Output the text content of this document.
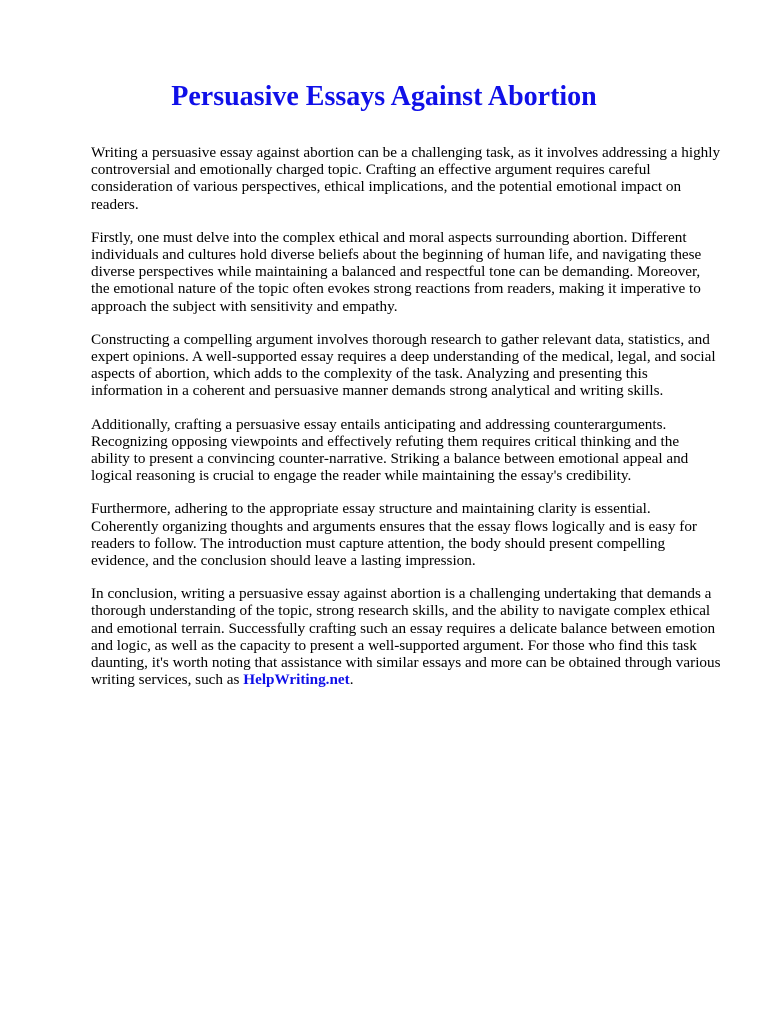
Persuasive Essays Against Abortion

Writing a persuasive essay against abortion can be a challenging task, as it involves addressing a highly controversial and emotionally charged topic. Crafting an effective argument requires careful consideration of various perspectives, ethical implications, and the potential emotional impact on readers.

Firstly, one must delve into the complex ethical and moral aspects surrounding abortion. Different individuals and cultures hold diverse beliefs about the beginning of human life, and navigating these diverse perspectives while maintaining a balanced and respectful tone can be demanding. Moreover, the emotional nature of the topic often evokes strong reactions from readers, making it imperative to approach the subject with sensitivity and empathy.

Constructing a compelling argument involves thorough research to gather relevant data, statistics, and expert opinions. A well-supported essay requires a deep understanding of the medical, legal, and social aspects of abortion, which adds to the complexity of the task. Analyzing and presenting this information in a coherent and persuasive manner demands strong analytical and writing skills.

Additionally, crafting a persuasive essay entails anticipating and addressing counterarguments. Recognizing opposing viewpoints and effectively refuting them requires critical thinking and the ability to present a convincing counter-narrative. Striking a balance between emotional appeal and logical reasoning is crucial to engage the reader while maintaining the essay's credibility.

Furthermore, adhering to the appropriate essay structure and maintaining clarity is essential. Coherently organizing thoughts and arguments ensures that the essay flows logically and is easy for readers to follow. The introduction must capture attention, the body should present compelling evidence, and the conclusion should leave a lasting impression.

In conclusion, writing a persuasive essay against abortion is a challenging undertaking that demands a thorough understanding of the topic, strong research skills, and the ability to navigate complex ethical and emotional terrain. Successfully crafting such an essay requires a delicate balance between emotion and logic, as well as the capacity to present a well-supported argument. For those who find this task daunting, it's worth noting that assistance with similar essays and more can be obtained through various writing services, such as HelpWriting.net.
